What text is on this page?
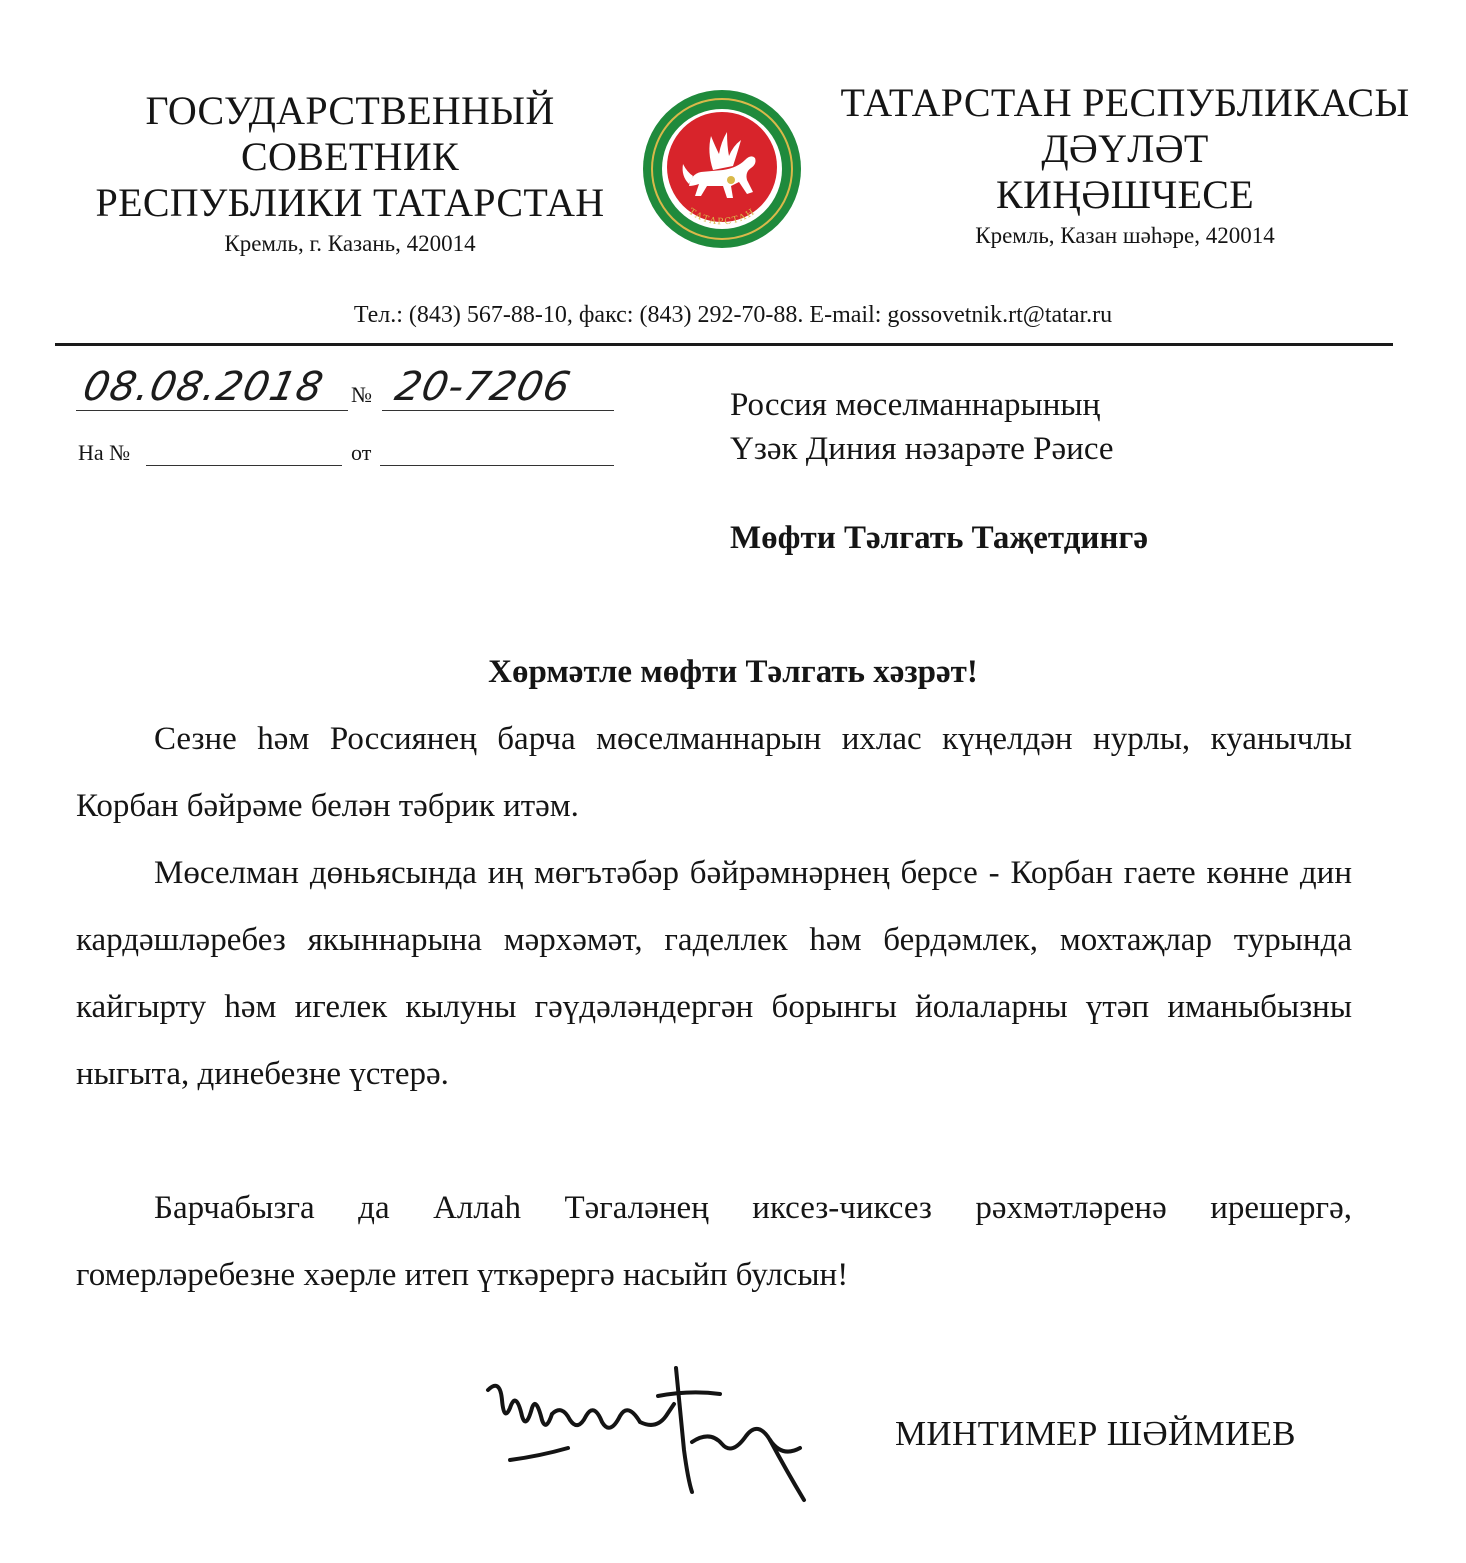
ГОСУДАРСТВЕННЫЙ
СОВЕТНИК
РЕСПУБЛИКИ ТАТАРСТАН
Кремль, г. Казань, 420014
ТАТАРСТАН
ТАТАРСТАН РЕСПУБЛИКАСЫ
ДӘҮЛӘТ
КИҢӘШЧЕСЕ
Кремль, Казан шәһәре, 420014
Тел.: (843) 567-88-10, факс: (843) 292-70-88. E-mail: gossovetnik.rt@tatar.ru
08.08.2018 № 20-7206
На №	от
Россия мөселманнарының
Үзәк Диния нәзарәте Рәисе
Мөфти Тәлгать Таҗетдингә
Хөрмәтле мөфти Тәлгать хәзрәт!
Сезне һәм Россиянең барча мөселманнарын ихлас күңелдән нурлы, куанычлы Корбан бәйрәме белән тәбрик итәм.
Мөселман дөньясында иң мөгътәбәр бәйрәмнәрнең берсе - Корбан гаете көнне дин кардәшләребез якыннарына мәрхәмәт, гаделлек һәм бердәмлек, мохтаҗлар турында кайгырту һәм игелек кылуны гәүдәләндергән борынгы йолаларны үтәп иманыбызны ныгыта, динебезне үстерә.
Барчабызга да Аллаһ Тәгаләнең иксез-чиксез рәхмәтләренә ирешергә, гомерләребезне хәерле итеп үткәрергә насыйп булсын!
МИНТИМЕР ШӘЙМИЕВ
